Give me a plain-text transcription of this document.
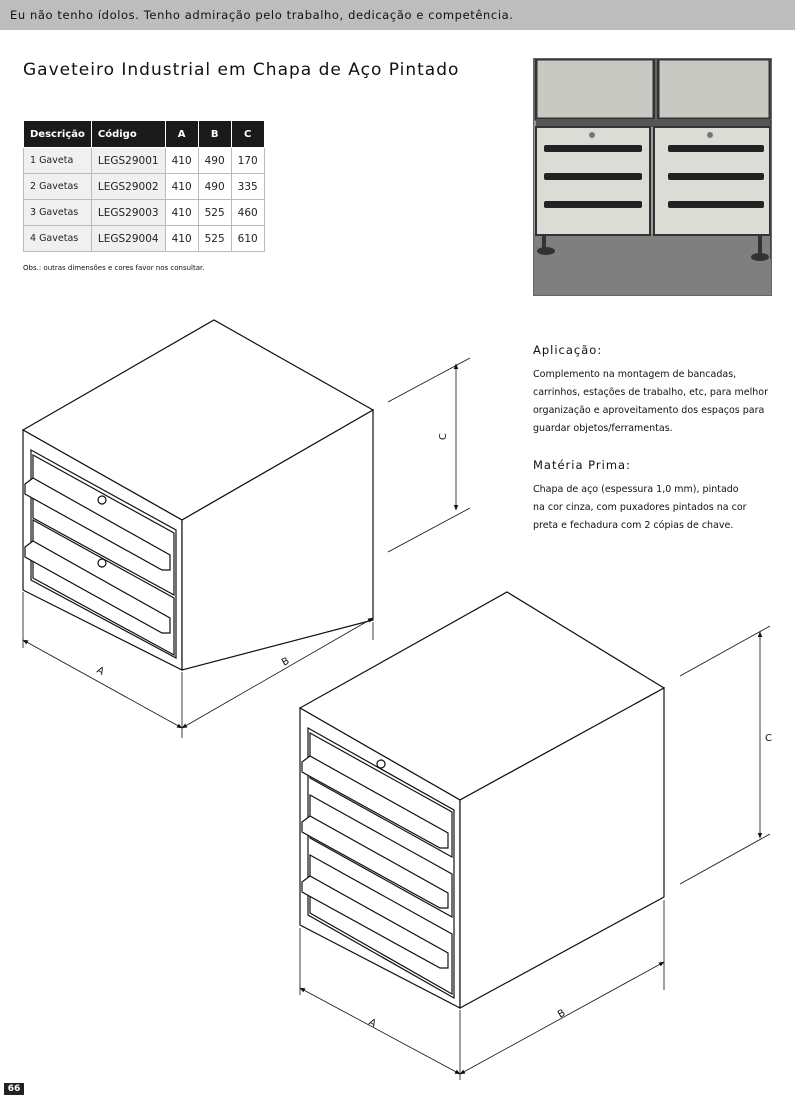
Eu não tenho ídolos. Tenho admiração pelo trabalho, dedicação e competência.
Gaveteiro Industrial em Chapa de Aço Pintado
Descrição	Código	A	B	C
1 Gaveta	LEGS29001	410	490	170
2 Gavetas	LEGS29002	410	490	335
3 Gavetas	LEGS29003	410	525	460
4 Gavetas	LEGS29004	410	525	610
Obs.: outras dimensões e cores favor nos consultar.
Aplicação:
Complemento na montagem de bancadas,
carrinhos, estações de trabalho, etc, para melhor
organização e aproveitamento dos espaços para
guardar objetos/ferramentas.
Matéria Prima:
Chapa de aço (espessura 1,0 mm), pintado
na cor cinza, com puxadores pintados na cor
preta e fechadura com 2 cópias de chave.
A
B
C
A
B
C
66
